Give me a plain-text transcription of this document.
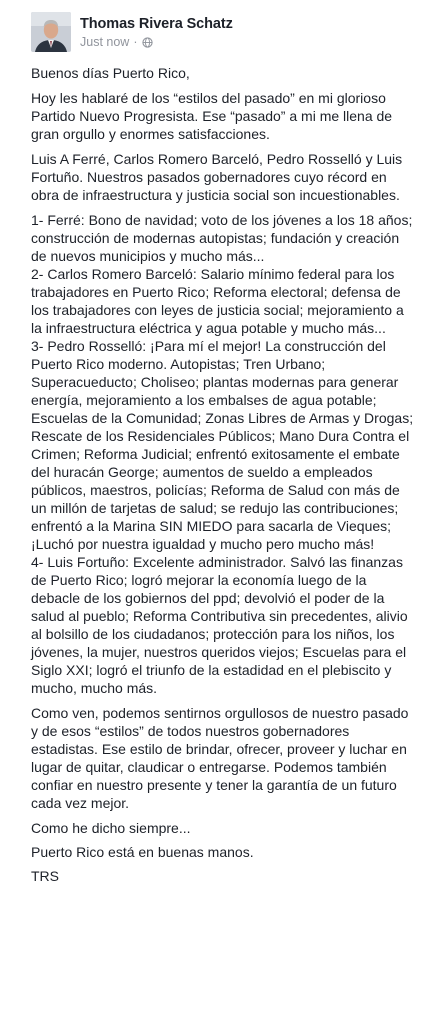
Thomas Rivera Schatz
Just now ·

Buenos días Puerto Rico,

Hoy les hablaré de los “estilos del pasado” en mi glorioso Partido Nuevo Progresista. Ese “pasado” a mi me llena de gran orgullo y enormes satisfacciones.

Luis A Ferré, Carlos Romero Barceló, Pedro Rosselló y Luis Fortuño. Nuestros pasados gobernadores cuyo récord en obra de infraestructura y justicia social son incuestionables.

1- Ferré: Bono de navidad; voto de los jóvenes a los 18 años; construcción de modernas autopistas; fundación y creación de nuevos municipios y mucho más...
2- Carlos Romero Barceló: Salario mínimo federal para los trabajadores en Puerto Rico; Reforma electoral; defensa de los trabajadores con leyes de justicia social; mejoramiento a la infraestructura eléctrica y agua potable y mucho más...
3- Pedro Rosselló: ¡Para mí el mejor! La construcción del Puerto Rico moderno. Autopistas; Tren Urbano; Superacueducto; Choliseo; plantas modernas para generar energía, mejoramiento a los embalses de agua potable; Escuelas de la Comunidad; Zonas Libres de Armas y Drogas; Rescate de los Residenciales Públicos; Mano Dura Contra el Crimen; Reforma Judicial; enfrentó exitosamente el embate del huracán George; aumentos de sueldo a empleados públicos, maestros, policías; Reforma de Salud con más de un millón de tarjetas de salud; se redujo las contribuciones; enfrentó a la Marina SIN MIEDO para sacarla de Vieques; ¡Luchó por nuestra igualdad y mucho pero mucho más!
4- Luis Fortuño: Excelente administrador. Salvó las finanzas de Puerto Rico; logró mejorar la economía luego de la debacle de los gobiernos del ppd; devolvió el poder de la salud al pueblo; Reforma Contributiva sin precedentes, alivio al bolsillo de los ciudadanos; protección para los niños, los jóvenes, la mujer, nuestros queridos viejos; Escuelas para el Siglo XXI; logró el triunfo de la estadidad en el plebiscito y mucho, mucho más.

Como ven, podemos sentirnos orgullosos de nuestro pasado y de esos “estilos” de todos nuestros gobernadores estadistas. Ese estilo de brindar, ofrecer, proveer y luchar en lugar de quitar, claudicar o entregarse. Podemos también confiar en nuestro presente y tener la garantía de un futuro cada vez mejor.

Como he dicho siempre...

Puerto Rico está en buenas manos.

TRS
